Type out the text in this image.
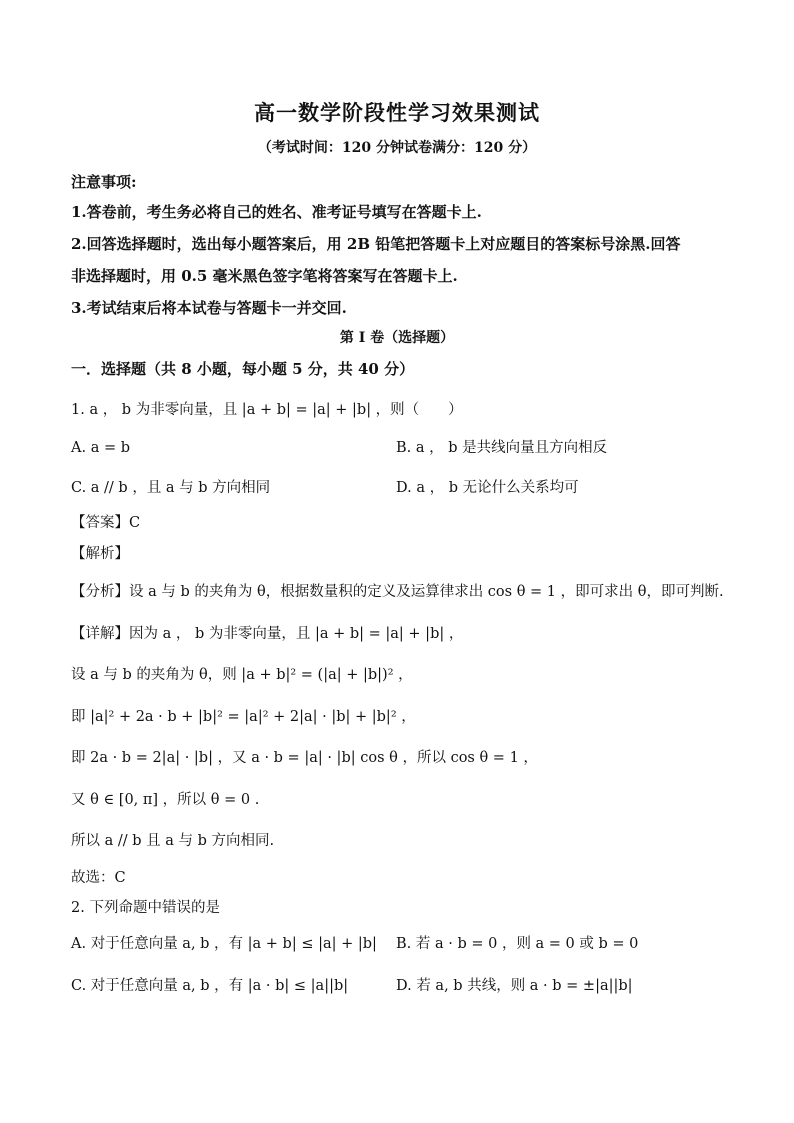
高一数学阶段性学习效果测试
（考试时间：120 分钟试卷满分：120 分）
注意事项:
1.答卷前，考生务必将自己的姓名、准考证号填写在答题卡上.
2.回答选择题时，选出每小题答案后，用 2B 铅笔把答题卡上对应题目的答案标号涂黑.回答
非选择题时，用 0.5 毫米黑色签字笔将答案写在答题卡上.
3.考试结束后将本试卷与答题卡一并交回.
第 I 卷（选择题）
一．选择题（共 8 小题，每小题 5 分，共 40 分）
1. a ， b 为非零向量，且 |a + b| = |a| + |b| ，则（　　）
A. a = b	B. a ， b 是共线向量且方向相反
C. a // b ，且 a 与 b 方向相同	D. a ， b 无论什么关系均可
【答案】C
【解析】
【分析】设 a 与 b 的夹角为 θ，根据数量积的定义及运算律求出 cos θ = 1 ，即可求出 θ，即可判断.
【详解】因为 a ， b 为非零向量，且 |a + b| = |a| + |b| ，
设 a 与 b 的夹角为 θ，则 |a + b|² = (|a| + |b|)² ，
即 |a|² + 2a · b + |b|² = |a|² + 2|a| · |b| + |b|² ，
即 2a · b = 2|a| · |b| ，又 a · b = |a| · |b| cos θ ，所以 cos θ = 1 ，
又 θ ∈ [0, π] ，所以 θ = 0 .
所以 a // b 且 a 与 b 方向相同.
故选：C
2. 下列命题中错误的是
A. 对于任意向量 a, b ，有 |a + b| ≤ |a| + |b| B. 若 a · b = 0 ，则 a = 0 或 b = 0
C. 对于任意向量 a, b ，有 |a · b| ≤ |a||b|	D. 若 a, b 共线，则 a · b = ±|a||b|
